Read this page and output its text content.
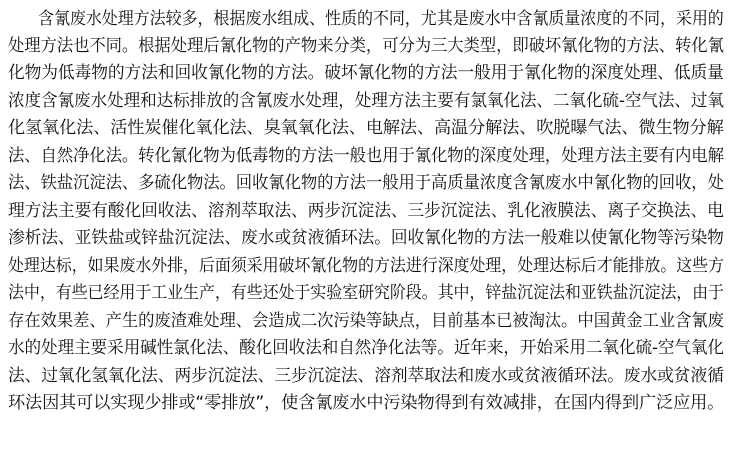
含氰废水处理方法较多，根据废水组成、性质的不同，尤其是废水中含氰质量浓度的不同，采用的
处理方法也不同。根据处理后氰化物的产物来分类，可分为三大类型，即破坏氰化物的方法、转化氰
化物为低毒物的方法和回收氰化物的方法。破坏氰化物的方法一般用于氰化物的深度处理、低质量
浓度含氰废水处理和达标排放的含氰废水处理，处理方法主要有氯氧化法、二氧化硫-空气法、过氧
化氢氧化法、活性炭催化氧化法、臭氧氧化法、电解法、高温分解法、吹脱曝气法、微生物分解
法、自然净化法。转化氰化物为低毒物的方法一般也用于氰化物的深度处理，处理方法主要有内电解
法、铁盐沉淀法、多硫化物法。回收氰化物的方法一般用于高质量浓度含氰废水中氰化物的回收，处
理方法主要有酸化回收法、溶剂萃取法、两步沉淀法、三步沉淀法、乳化液膜法、离子交换法、电
渗析法、亚铁盐或锌盐沉淀法、废水或贫液循环法。回收氰化物的方法一般难以使氰化物等污染物
处理达标，如果废水外排，后面须采用破坏氰化物的方法进行深度处理，处理达标后才能排放。这些方
法中，有些已经用于工业生产，有些还处于实验室研究阶段。其中，锌盐沉淀法和亚铁盐沉淀法，由于
存在效果差、产生的废渣难处理、会造成二次污染等缺点，目前基本已被淘汰。中国黄金工业含氰废
水的处理主要采用碱性氯化法、酸化回收法和自然净化法等。近年来，开始采用二氧化硫-空气氧化
法、过氧化氢氧化法、两步沉淀法、三步沉淀法、溶剂萃取法和废水或贫液循环法。废水或贫液循
环法因其可以实现少排或“零排放”，使含氰废水中污染物得到有效减排，在国内得到广泛应用。
